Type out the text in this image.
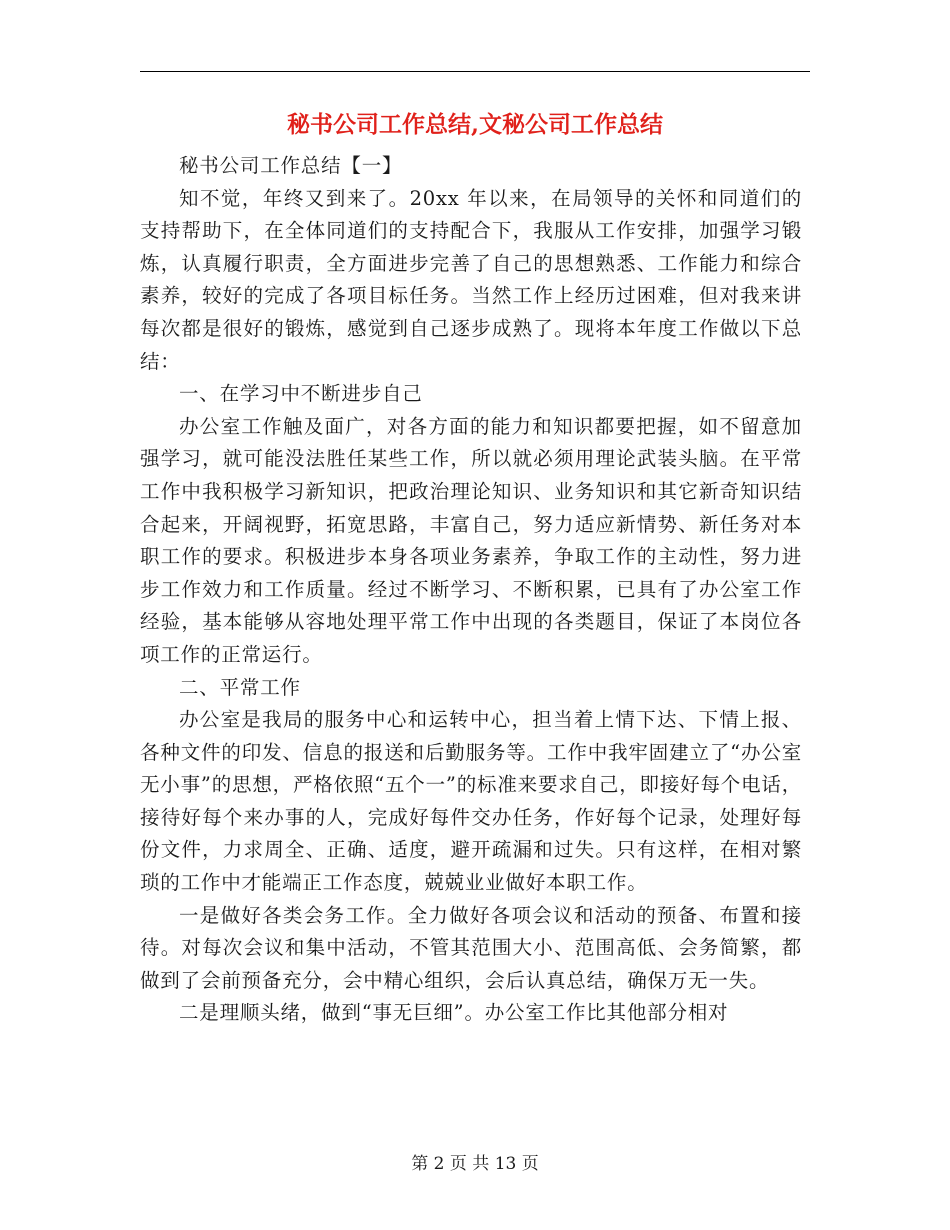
秘书公司工作总结,文秘公司工作总结

秘书公司工作总结【一】

知不觉，年终又到来了。20xx 年以来，在局领导的关怀和同道们的支持帮助下，在全体同道们的支持配合下，我服从工作安排，加强学习锻炼，认真履行职责，全方面进步完善了自己的思想熟悉、工作能力和综合素养，较好的完成了各项目标任务。当然工作上经历过困难，但对我来讲每次都是很好的锻炼，感觉到自己逐步成熟了。现将本年度工作做以下总结：

一、在学习中不断进步自己

办公室工作触及面广，对各方面的能力和知识都要把握，如不留意加强学习，就可能没法胜任某些工作，所以就必须用理论武装头脑。在平常工作中我积极学习新知识，把政治理论知识、业务知识和其它新奇知识结合起来，开阔视野，拓宽思路，丰富自己，努力适应新情势、新任务对本职工作的要求。积极进步本身各项业务素养，争取工作的主动性，努力进步工作效力和工作质量。经过不断学习、不断积累，已具有了办公室工作经验，基本能够从容地处理平常工作中出现的各类题目，保证了本岗位各项工作的正常运行。

二、平常工作

办公室是我局的服务中心和运转中心，担当着上情下达、下情上报、各种文件的印发、信息的报送和后勤服务等。工作中我牢固建立了“办公室无小事”的思想，严格依照“五个一”的标准来要求自己，即接好每个电话，接待好每个来办事的人，完成好每件交办任务，作好每个记录，处理好每份文件，力求周全、正确、适度，避开疏漏和过失。只有这样，在相对繁琐的工作中才能端正工作态度，兢兢业业做好本职工作。

一是做好各类会务工作。全力做好各项会议和活动的预备、布置和接待。对每次会议和集中活动，不管其范围大小、范围高低、会务简繁，都做到了会前预备充分，会中精心组织，会后认真总结，确保万无一失。

二是理顺头绪，做到“事无巨细”。办公室工作比其他部分相对

第 2 页 共 13 页
